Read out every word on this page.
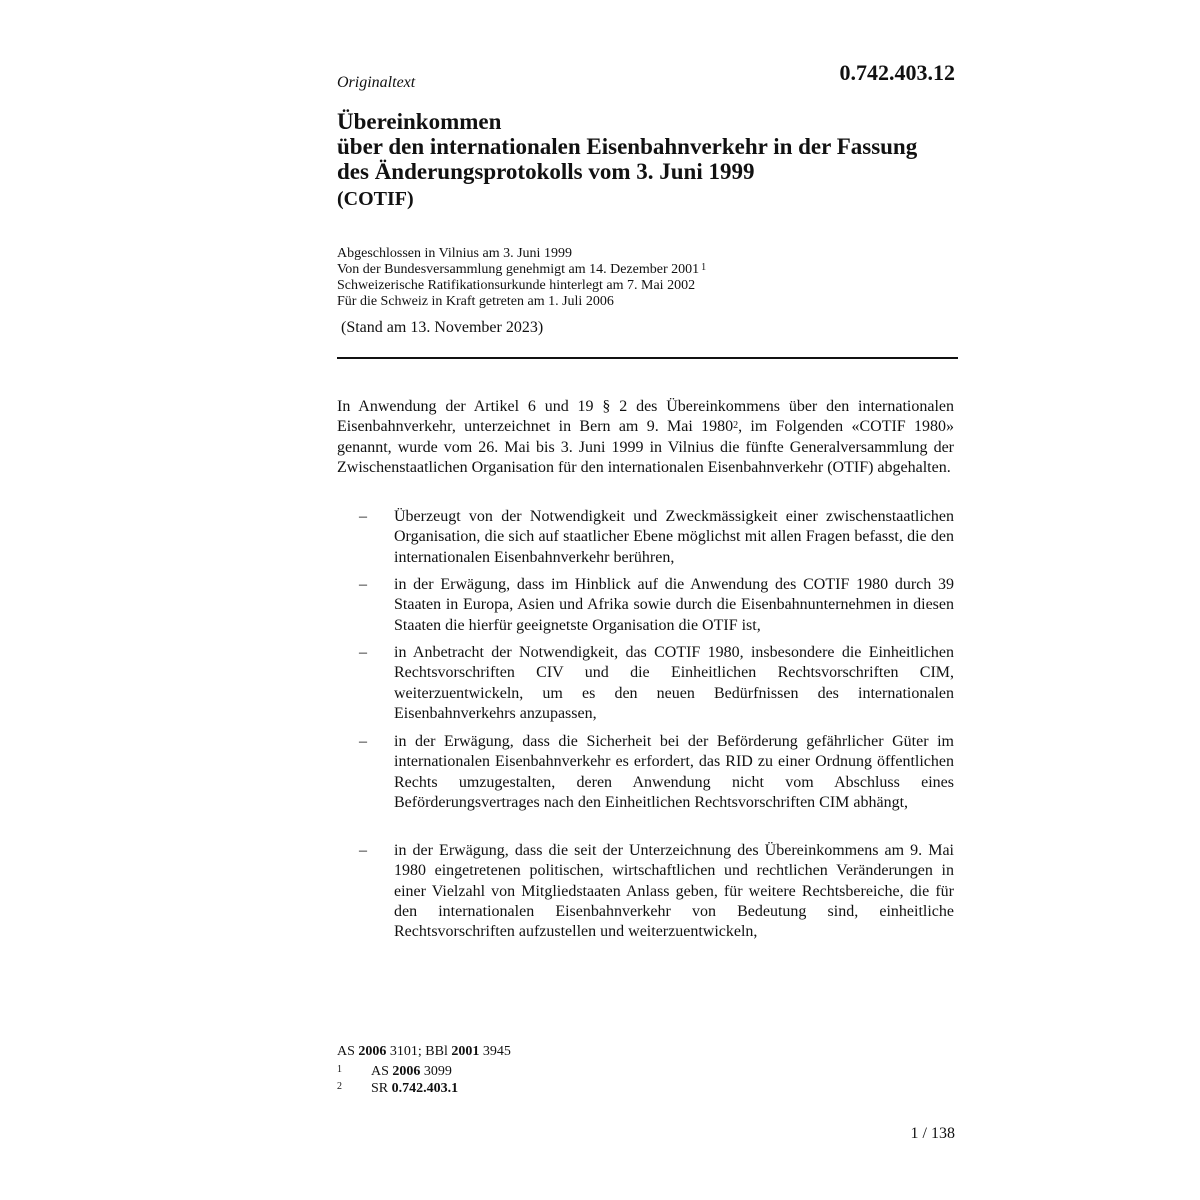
Originaltext	0.742.403.12
Übereinkommen
über den internationalen Eisenbahnverkehr in der Fassung
des Änderungsprotokolls vom 3. Juni 1999
(COTIF)
Abgeschlossen in Vilnius am 3. Juni 1999
Von der Bundesversammlung genehmigt am 14. Dezember 2001 $^1$
Schweizerische Ratifikationsurkunde hinterlegt am 7. Mai 2002
Für die Schweiz in Kraft getreten am 1. Juli 2006
(Stand am 13. November 2023)
In Anwendung der Artikel 6 und 19 § 2 des Übereinkommens über den internationalen Eisenbahnverkehr, unterzeichnet in Bern am 9. Mai 1980$^2$, im Folgenden «COTIF 1980» genannt, wurde vom 26. Mai bis 3. Juni 1999 in Vilnius die fünfte Generalversammlung der Zwischenstaatlichen Organisation für den internationalen Eisenbahnverkehr (OTIF) abgehalten.
– Überzeugt von der Notwendigkeit und Zweckmässigkeit einer zwischenstaatlichen Organisation, die sich auf staatlicher Ebene möglichst mit allen Fragen befasst, die den internationalen Eisenbahnverkehr berühren,
– in der Erwägung, dass im Hinblick auf die Anwendung des COTIF 1980 durch 39 Staaten in Europa, Asien und Afrika sowie durch die Eisenbahnunternehmen in diesen Staaten die hierfür geeignetste Organisation die OTIF ist,
– in Anbetracht der Notwendigkeit, das COTIF 1980, insbesondere die Einheitlichen Rechtsvorschriften CIV und die Einheitlichen Rechtsvorschriften CIM, weiterzuentwickeln, um es den neuen Bedürfnissen des internationalen Eisenbahnverkehrs anzupassen,
– in der Erwägung, dass die Sicherheit bei der Beförderung gefährlicher Güter im internationalen Eisenbahnverkehr es erfordert, das RID zu einer Ordnung öffentlichen Rechts umzugestalten, deren Anwendung nicht vom Abschluss eines Beförderungsvertrages nach den Einheitlichen Rechtsvorschriften CIM abhängt,
– in der Erwägung, dass die seit der Unterzeichnung des Übereinkommens am 9. Mai 1980 eingetretenen politischen, wirtschaftlichen und rechtlichen Veränderungen in einer Vielzahl von Mitgliedstaaten Anlass geben, für weitere Rechtsbereiche, die für den internationalen Eisenbahnverkehr von Bedeutung sind, einheitliche Rechtsvorschriften aufzustellen und weiterzuentwickeln,
AS 2006 3101; BBl 2001 3945
1 AS 2006 3099
2 SR 0.742.403.1
1 / 138
